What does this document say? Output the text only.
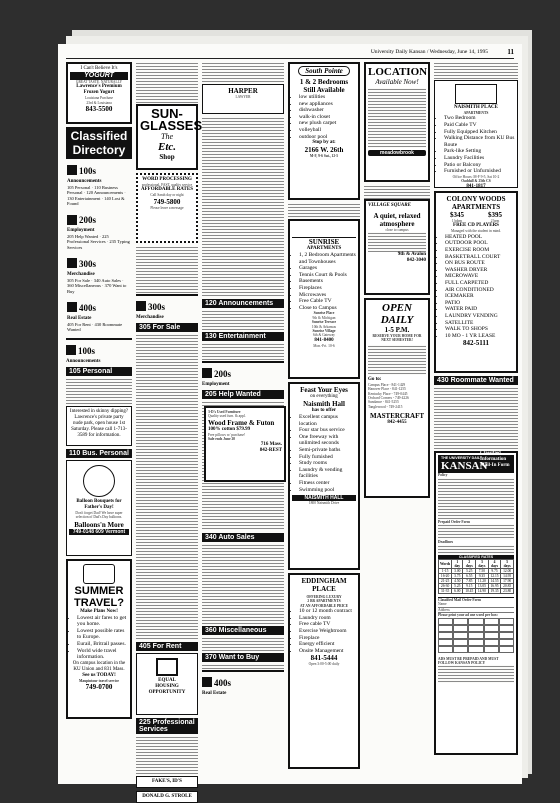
University Daily Kansan / Wednesday, June 14, 1995	11
I Can't Believe It's
YOGURT
GREAT TASTE. NATURALLY
Lawrence's Premium
Frozen Yogurt
Louisiana Purchase
23rd & Louisiana
843-5500
Classified
Directory
100s
Announcements
105 Personal · 110 Business Personal · 120 Announcements · 130 Entertainment · 140 Lost & Found
200s
Employment
205 Help Wanted · 225 Professional Services · 235 Typing Services
300s
Merchandise
305 For Sale · 340 Auto Sales · 360 Miscellaneous · 370 Want to Buy
400s
Real Estate
405 For Rent · 430 Roommate Wanted
100s
Announcements
105 Personal
Interested in skinny dipping? Lawrence's private party nude park, open house 1st Saturday. Please call 1-713-3589 for information.
110 Bus. Personal
Balloon Bouquets for Father's Day!
Don't forget Dad! We have super selection of Dad's Day balloons.
Balloons'n More
749-0148 609 Vermont
SUMMER
TRAVEL?
Make Plans Now!
• Lowest air fares to get you home.
• Lowest possible rates to Europe.
• Eurail, Britrail passes.
• World wide travel information.
On campus location in the KU Union and 831 Mass.
See us TODAY!
Maupintour travel service
749-0700
SUN-GLASSES
The
Etc.
Shop
WORD PROCESSING
professional, FAST, quality service
AFFORDABLE RATES
Call Sarah day or night
749-5800
Please leave a message
300s
Merchandise
305 For Sale
405 For Rent
EQUAL
HOUSING
OPPORTUNITY
225 Professional Services
FAKE'S, ID'S
DONALD G. STROLE
HARPER
LAWYER
120 Announcements
130 Entertainment
200s
Employment
205 Help Wanted
340 Auto Sales
360 Miscellaneous
370 Want to Buy
400s
Real Estate
3-D's Used Furniture
Quality used furn. & appl.
Wood Frame & Futon
100% cotton $79.99
Free pillows w/ purchase!
Sale ends June 20
716 Mass.
842-REST
South Pointe
1 & 2 Bedrooms
Still Available
• low utilities
• new appliances
• dishwasher
• walk-in closet
• new plush carpet
• volleyball
• outdoor pool
Stop by at:
2166 W. 26th
M-F, 9-6 Sat., 12-5
SUNRISE
APARTMENTS
• 1, 2 Bedroom Apartments and Townhouses
• Garages
• Tennis Court & Pools
• Basements
• Fireplaces
• Microwaves
• Free Cable TV
• Close to Campus
Sunrise Place
9th & Michigan
Sunrise Terrace
10th & Arkansas
Sunrise Village
6th & Gateway
841-8400
Mon.-Fri. 10-6
Feast Your Eyes
on everything
Naismith Hall
has to offer
• Excellent campus location
• Four star bus service
• One freeway with unlimited seconds
• Semi-private baths
• Fully furnished
• Study rooms
• Laundry & vending facilities
• Fitness center
• Swimming pool
NAISMITH HALL
1800 Naismith Drive
EDDINGHAM
PLACE
OFFERING LUXURY
2 BR APARTMENTS
AT AN AFFORDABLE PRICE
• 10 or 12 month contract
• Laundry room
• Free cable TV
• Exercise Weightroom
• Fireplace
• Energy efficient
• Onsite Management
841-5444
Open 3:00-5:00 daily
LOCATION
Available Now!
meadowbrook
VILLAGE SQUARE
A quiet, relaxed
atmosphere
close to campus
9th & Avalon
842-3040
OPEN DAILY
1-5 P.M.
RESERVE YOUR HOME FOR
NEXT SEMESTER!
Go to:
Campus Place - 841-1429
Hanover Place - 841-1255
Kentucky Place - 749-0445
Orchard Corners - 749-4226
Sundance - 841-5255
Tanglewood - 749-2415
MASTERCRAFT
842-4455
NAISMITH PLACE
APARTMENTS
• Two Bedroom
• Paid Cable TV
• Fully Equipped Kitchen
• Walking Distance from KU Bus Route
• Park-like Setting
• Laundry Facilities
• Patio or Balcony
• Furnished or Unfurnished
Office Hours: M-F 9-5, Sat 10-2
Oaddall & 25th CS
841-1817
COLONY WOODS
APARTMENTS
$345
1 bdrm
$395
2 brm
FREE CD PLAYERS
Managed with the student in mind.
• HEATED POOL
• OUTDOOR POOL
• EXERCISE ROOM
• BASKETBALL COURT
• ON BUS ROUTE
• WASHER DRYER
• MICROWAVE
• FULL CARPETED
• AIR CONDITIONED
• ICEMAKER
• PATIO
• WATER PAID
• LAUNDRY VENDING
• SATELLITE
• WALK TO SHOPS
• 10 MO - 1 YR LEASE
842-5111
430 Roommate Wanted
THE UNIVERSITY DAILY
KANSAN
Classified Information
Mail-In Form
Policy
Prepaid Order Form
Deadlines
CLASSIFIED RATES
Words	1 day	2 days	3 days	4 days	5 days
1-15	3.00	5.25	7.50	9.75	12.00
16-20	3.75	6.55	9.35	12.15	14.95
21-25	4.50	7.85	11.20	14.55	17.90
26-30	5.25	9.15	13.05	16.95	20.85
31-35	6.00	10.45	14.90	19.35	23.80
Classified Mail Order Form
Name
Address
Please print your ad one word per box:
ADS MUST BE PREPAID AND MUST FOLLOW KANSAN POLICY
